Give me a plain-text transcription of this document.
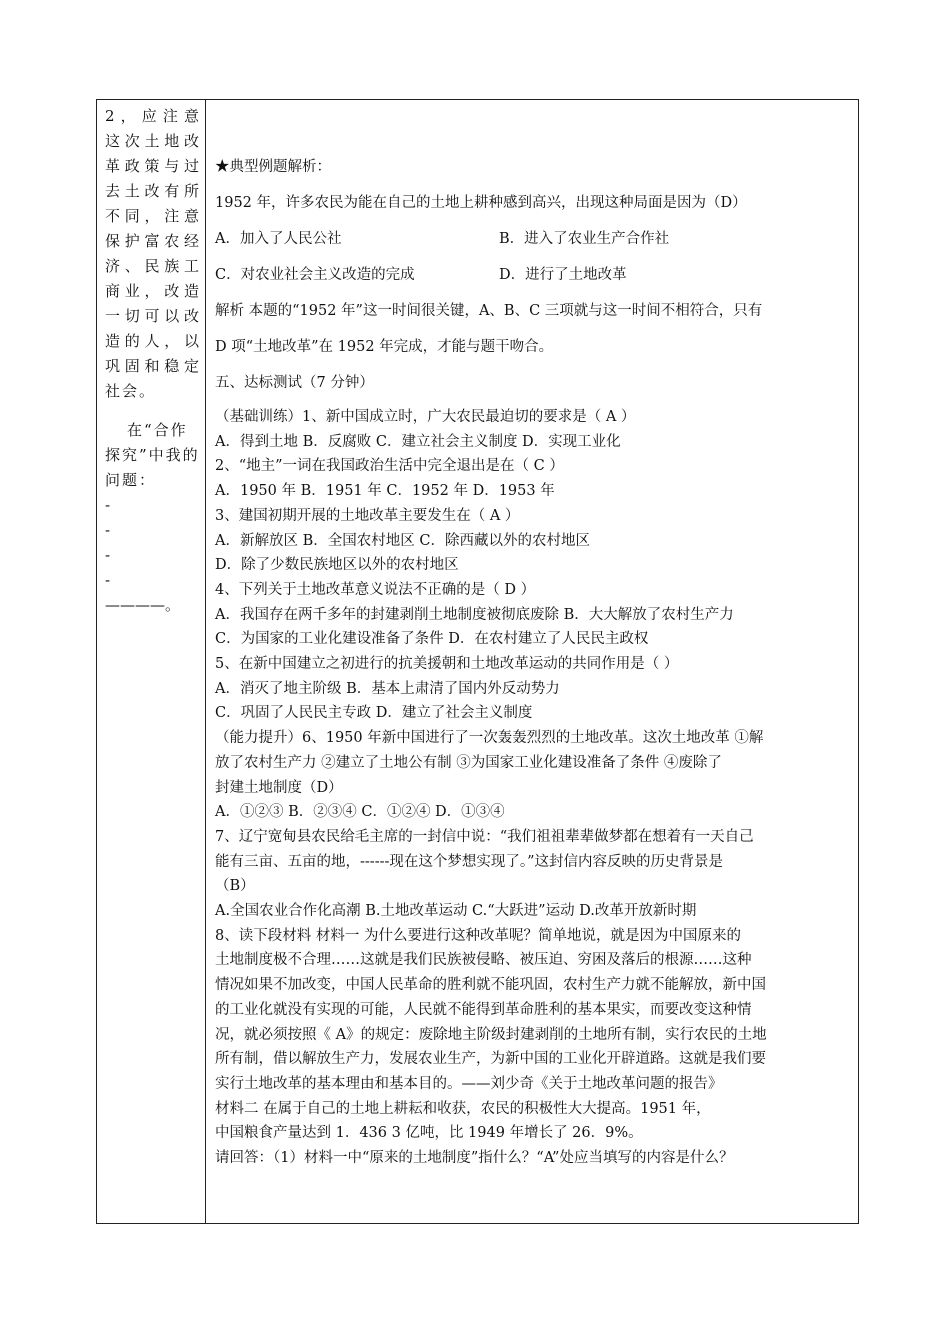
2，应注意这次土地改革政策与过去土改有所不同，注意保护富农经济、民族工商业，改造一切可以改造的人，以巩固和稳定社会。
在“合作探究”中我的问题：
-
-
-
-
————。
★典型例题解析：
1952 年，许多农民为能在自己的土地上耕种感到高兴，出现这种局面是因为（D）
A．加入了人民公社	B．进入了农业生产合作社
C．对农业社会主义改造的完成	D．进行了土地改革
解析 本题的“1952 年”这一时间很关键，A、B、C 三项就与这一时间不相符合，只有
D 项“土地改革”在 1952 年完成，才能与题干吻合。
五、达标测试（7 分钟）
（基础训练）1、新中国成立时，广大农民最迫切的要求是（ A ）
A．得到土地 B．反腐败 C．建立社会主义制度 D．实现工业化
2、“地主”一词在我国政治生活中完全退出是在（ C ）
A．1950 年 B．1951 年 C．1952 年 D．1953 年
3、建国初期开展的土地改革主要发生在（ A ）
A．新解放区 B．全国农村地区 C．除西藏以外的农村地区
D．除了少数民族地区以外的农村地区
4、下列关于土地改革意义说法不正确的是（ D ）
A．我国存在两千多年的封建剥削土地制度被彻底废除 B．大大解放了农村生产力
C．为国家的工业化建设准备了条件 D．在农村建立了人民民主政权
5、在新中国建立之初进行的抗美援朝和土地改革运动的共同作用是（ ）
A．消灭了地主阶级 B．基本上肃清了国内外反动势力
C．巩固了人民民主专政 D．建立了社会主义制度
（能力提升）6、1950 年新中国进行了一次轰轰烈烈的土地改革。这次土地改革 ①解
放了农村生产力 ②建立了土地公有制 ③为国家工业化建设准备了条件 ④废除了
封建土地制度（D）
A．①②③ B．②③④ C．①②④ D．①③④
7、辽宁宽甸县农民给毛主席的一封信中说：“我们祖祖辈辈做梦都在想着有一天自己
能有三亩、五亩的地，------现在这个梦想实现了。”这封信内容反映的历史背景是
（B）
A.全国农业合作化高潮 B.土地改革运动 C.“大跃进”运动 D.改革开放新时期
8、读下段材料 材料一 为什么要进行这种改革呢？简单地说，就是因为中国原来的
土地制度极不合理……这就是我们民族被侵略、被压迫、穷困及落后的根源……这种
情况如果不加改变，中国人民革命的胜利就不能巩固，农村生产力就不能解放，新中国
的工业化就没有实现的可能，人民就不能得到革命胜利的基本果实，而要改变这种情
况，就必须按照《 A》的规定：废除地主阶级封建剥削的土地所有制，实行农民的土地
所有制，借以解放生产力，发展农业生产，为新中国的工业化开辟道路。这就是我们要
实行土地改革的基本理由和基本目的。——刘少奇《关于土地改革问题的报告》
材料二 在属于自己的土地上耕耘和收获，农民的积极性大大提高。1951 年，
中国粮食产量达到 1．436 3 亿吨，比 1949 年增长了 26．9%。
请回答：（1）材料一中“原来的土地制度”指什么？“A”处应当填写的内容是什么？
